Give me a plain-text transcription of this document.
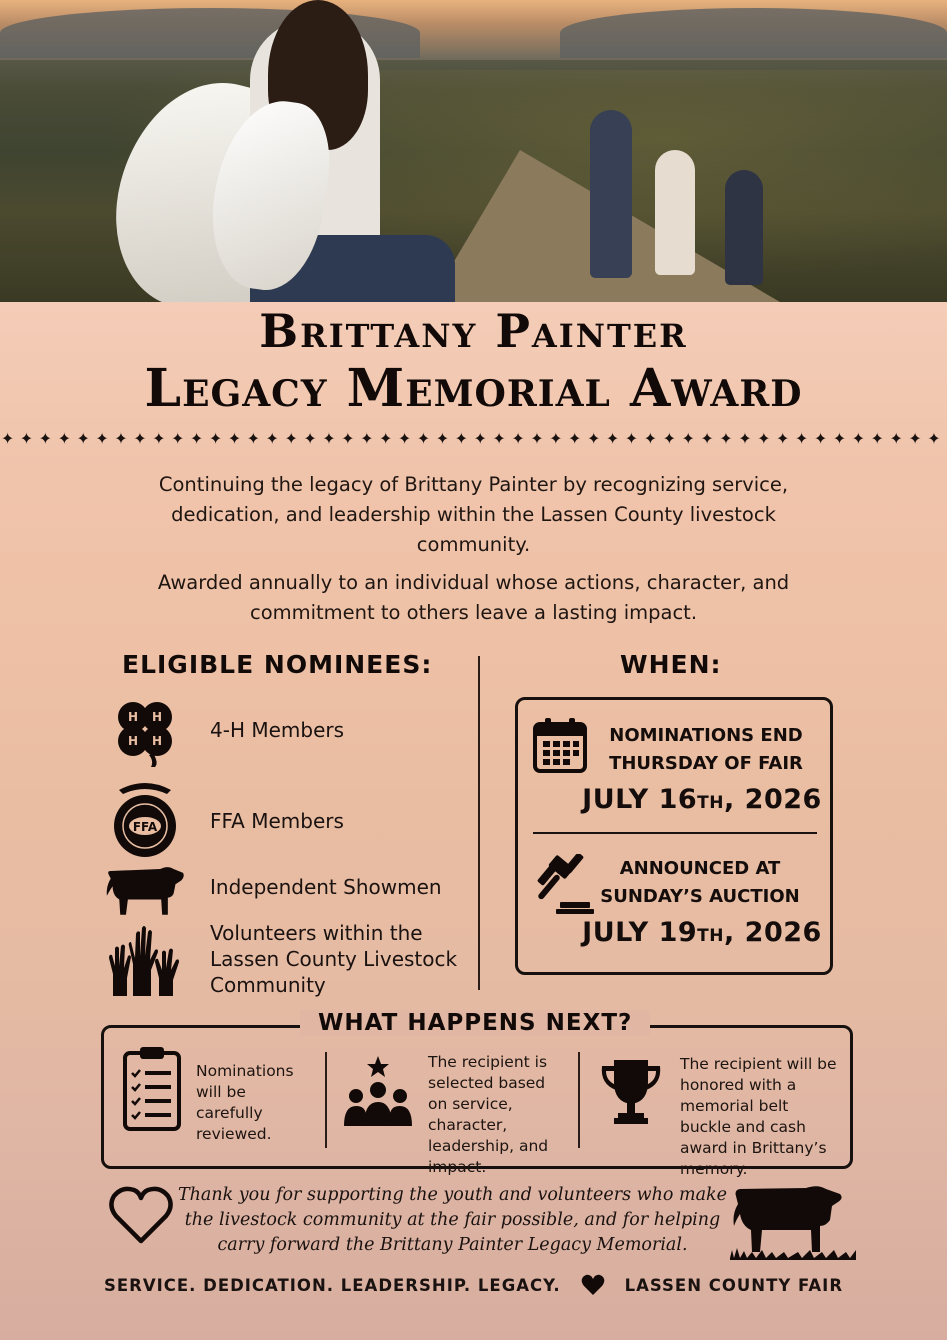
Brittany Painter
Legacy Memorial Award
✦✦✦✦✦✦✦✦✦✦✦✦✦✦✦✦✦✦✦✦✦✦✦✦✦✦✦✦✦✦✦✦✦✦✦✦✦✦✦✦✦✦✦✦✦✦✦✦✦✦

Continuing the legacy of Brittany Painter by recognizing service, dedication, and leadership within the Lassen County livestock community.

Awarded annually to an individual whose actions, character, and commitment to others leave a lasting impact.

ELIGIBLE NOMINEES:
H H
H H 4-H Members
FFA	FFA Members
Independent Showmen
Volunteers within the Lassen County Livestock Community
WHEN:
NOMINATIONS END
THURSDAY OF FAIR
JULY 16TH, 2026
ANNOUNCED AT
SUNDAY’S AUCTION
JULY 19TH, 2026
WHAT HAPPENS NEXT?
Nominations will be carefully reviewed.
The recipient is selected based on service, character, leadership, and impact.
The recipient will be honored with a memorial belt buckle and cash award in Brittany’s memory.

Thank you for supporting the youth and volunteers who make the livestock community at the fair possible, and for helping carry forward the Brittany Painter Legacy Memorial.

SERVICE. DEDICATION. LEADERSHIP. LEGACY.	LASSEN COUNTY FAIR
